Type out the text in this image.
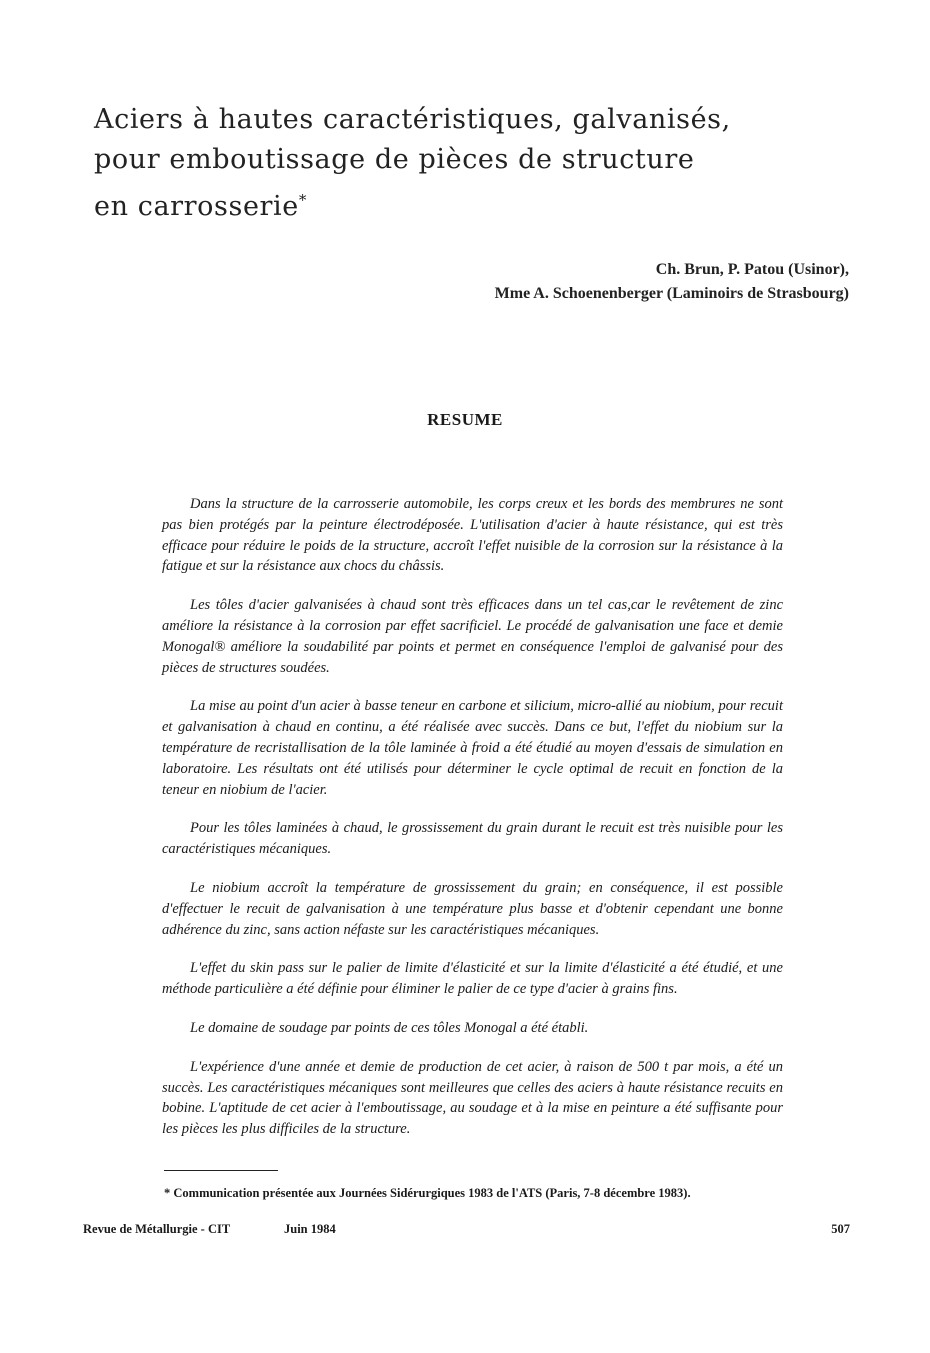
Aciers à hautes caractéristiques, galvanisés,
pour emboutissage de pièces de structure
en carrosserie*
Ch. Brun, P. Patou (Usinor),
Mme A. Schoenenberger (Laminoirs de Strasbourg)
RESUME

Dans la structure de la carrosserie automobile, les corps creux et les bords des membrures ne sont pas bien protégés par la peinture électrodéposée. L'utilisation d'acier à haute résistance, qui est très efficace pour réduire le poids de la structure, accroît l'effet nuisible de la corrosion sur la résistance à la fatigue et sur la résistance aux chocs du châssis.

Les tôles d'acier galvanisées à chaud sont très efficaces dans un tel cas,car le revêtement de zinc améliore la résistance à la corrosion par effet sacrificiel. Le procédé de galvanisation une face et demie Monogal® améliore la soudabilité par points et permet en conséquence l'emploi de galvanisé pour des pièces de structures soudées.

La mise au point d'un acier à basse teneur en carbone et silicium, micro-allié au niobium, pour recuit et galvanisation à chaud en continu, a été réalisée avec succès. Dans ce but, l'effet du niobium sur la température de recristallisation de la tôle laminée à froid a été étudié au moyen d'essais de simulation en laboratoire. Les résultats ont été utilisés pour déterminer le cycle optimal de recuit en fonction de la teneur en niobium de l'acier.

Pour les tôles laminées à chaud, le grossissement du grain durant le recuit est très nuisible pour les caractéristiques mécaniques.

Le niobium accroît la température de grossissement du grain; en conséquence, il est possible d'effectuer le recuit de galvanisation à une température plus basse et d'obtenir cependant une bonne adhérence du zinc, sans action néfaste sur les caractéristiques mécaniques.

L'effet du skin pass sur le palier de limite d'élasticité et sur la limite d'élasticité a été étudié, et une méthode particulière a été définie pour éliminer le palier de ce type d'acier à grains fins.

Le domaine de soudage par points de ces tôles Monogal a été établi.

L'expérience d'une année et demie de production de cet acier, à raison de 500 t par mois, a été un succès. Les caractéristiques mécaniques sont meilleures que celles des aciers à haute résistance recuits en bobine. L'aptitude de cet acier à l'emboutissage, au soudage et à la mise en peinture a été suffisante pour les pièces les plus difficiles de la structure.

* Communication présentée aux Journées Sidérurgiques 1983 de l'ATS (Paris, 7-8 décembre 1983).
Revue de Métallurgie - CIT	Juin 1984	507
